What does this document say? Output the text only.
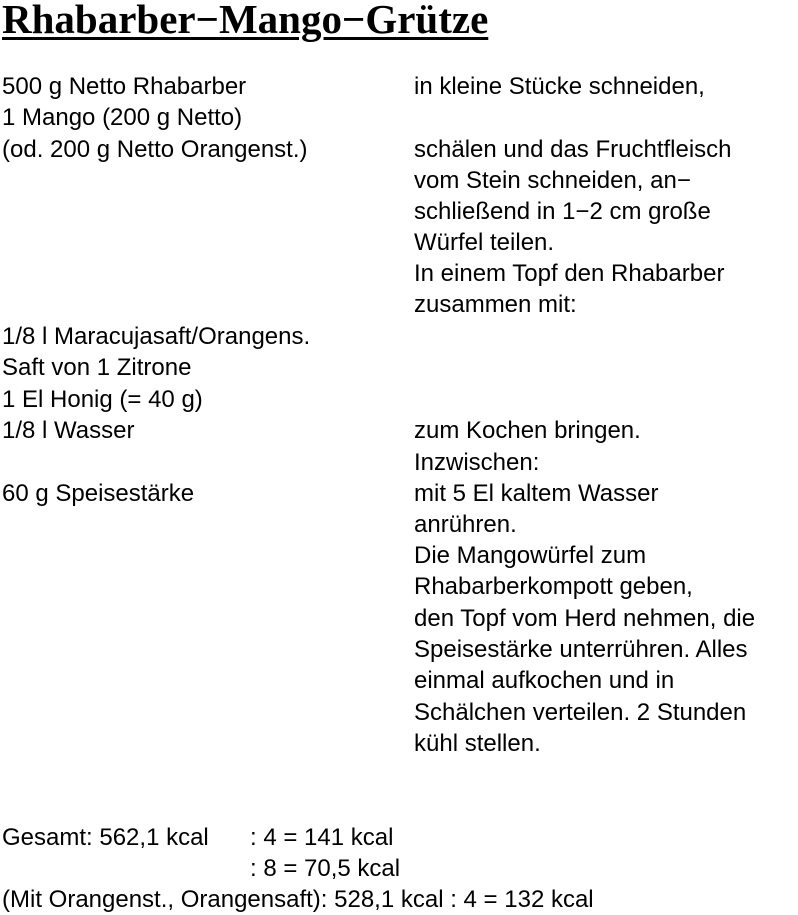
Rhabarber−Mango−Grütze

500 g Netto Rhabarber

1 Mango (200 g Netto)

(od. 200 g Netto Orangenst.)

1/8 l Maracujasaft/Orangens.

Saft von 1 Zitrone

1 El Honig (= 40 g)

1/8 l Wasser

60 g Speisestärke

in kleine Stücke schneiden,

schälen und das Fruchtfleisch

vom Stein schneiden, an−

schließend in 1−2 cm große

Würfel teilen.

In einem Topf den Rhabarber

zusammen mit:

zum Kochen bringen.

Inzwischen:

mit 5 El kaltem Wasser

anrühren.

Die Mangowürfel zum

Rhabarberkompott geben,

den Topf vom Herd nehmen, die

Speisestärke unterrühren. Alles

einmal aufkochen und in

Schälchen verteilen. 2 Stunden

kühl stellen.

Gesamt: 562,1 kcal : 4 = 141 kcal

: 8 = 70,5 kcal

(Mit Orangenst., Orangensaft): 528,1 kcal : 4 = 132 kcal
